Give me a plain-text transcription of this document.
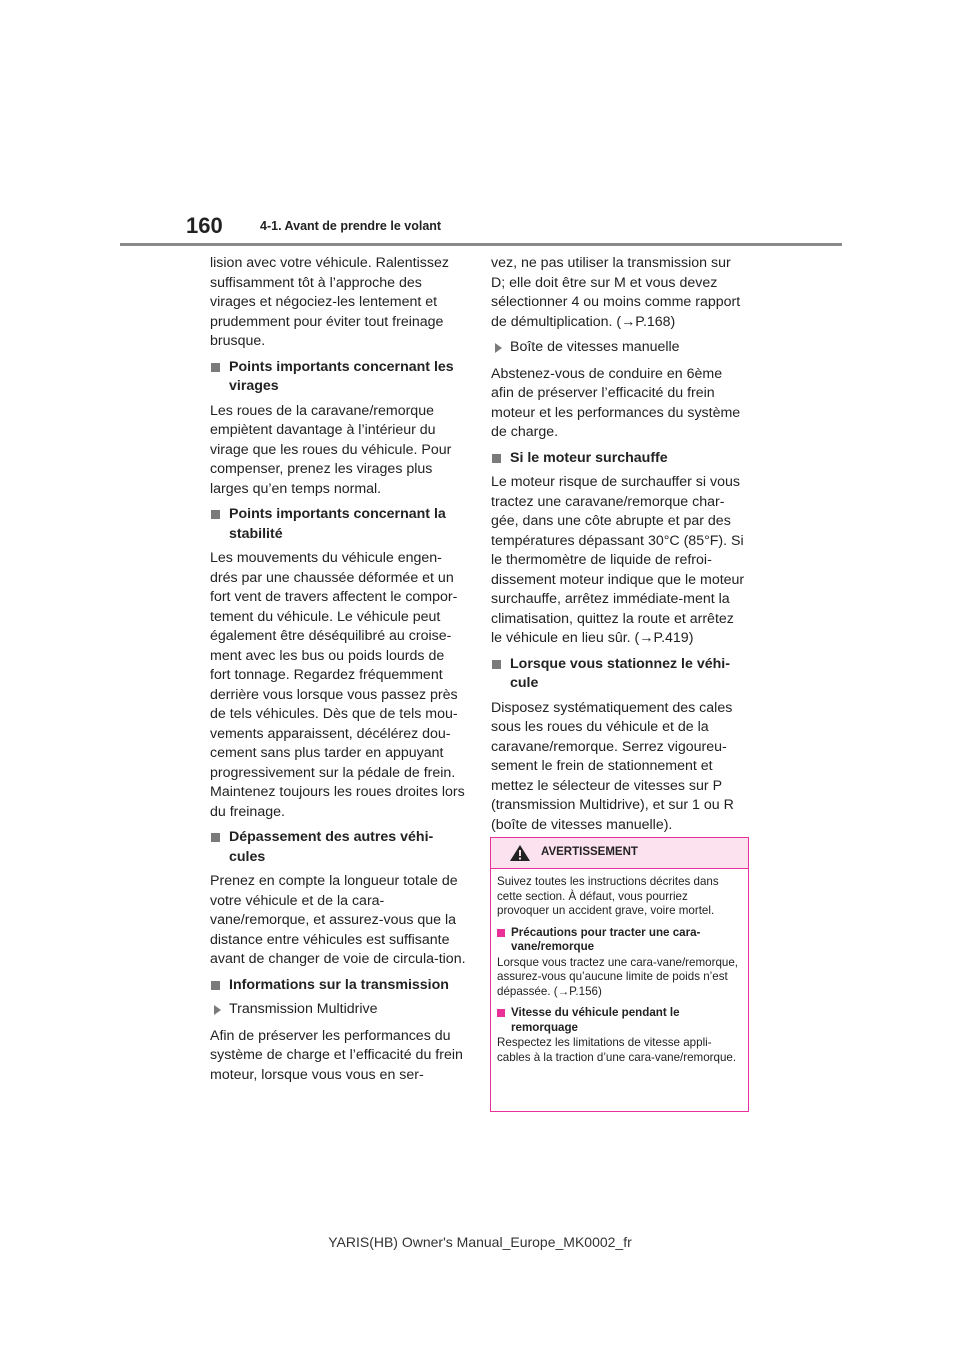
160	4-1. Avant de prendre le volant

lision avec votre véhicule. Ralentissez suffisamment tôt à l’approche des virages et négociez-les lentement et prudemment pour éviter tout freinage brusque.

Points importants concernant les virages

Les roues de la caravane/remorque empiètent davantage à l’intérieur du virage que les roues du véhicule. Pour compenser, prenez les virages plus larges qu’en temps normal.

Points importants concernant la stabilité

Les mouvements du véhicule engen-drés par une chaussée déformée et un fort vent de travers affectent le compor-tement du véhicule. Le véhicule peut également être déséquilibré au croise-ment avec les bus ou poids lourds de fort tonnage. Regardez fréquemment derrière vous lorsque vous passez près de tels véhicules. Dès que de tels mou-vements apparaissent, décélérez dou-cement sans plus tarder en appuyant progressivement sur la pédale de frein. Maintenez toujours les roues droites lors du freinage.

Dépassement des autres véhi-cules

Prenez en compte la longueur totale de votre véhicule et de la cara-vane/remorque, et assurez-vous que la distance entre véhicules est suffisante avant de changer de voie de circula-tion.

Informations sur la transmission
Transmission Multidrive

Afin de préserver les performances du système de charge et l’efficacité du frein moteur, lorsque vous vous en ser-

vez, ne pas utiliser la transmission sur D; elle doit être sur M et vous devez sélectionner 4 ou moins comme rapport de démultiplication. (→P.168)

Boîte de vitesses manuelle

Abstenez-vous de conduire en 6ème afin de préserver l’efficacité du frein moteur et les performances du système de charge.

Si le moteur surchauffe

Le moteur risque de surchauffer si vous tractez une caravane/remorque char-gée, dans une côte abrupte et par des températures dépassant 30°C (85°F). Si le thermomètre de liquide de refroi-dissement moteur indique que le moteur surchauffe, arrêtez immédiate-ment la climatisation, quittez la route et arrêtez le véhicule en lieu sûr. (→P.419)

Lorsque vous stationnez le véhi-cule

Disposez systématiquement des cales sous les roues du véhicule et de la caravane/remorque. Serrez vigoureu-sement le frein de stationnement et mettez le sélecteur de vitesses sur P (transmission Multidrive), et sur 1 ou R (boîte de vitesses manuelle).

AVERTISSEMENT

Suivez toutes les instructions décrites dans cette section. À défaut, vous pourriez provoquer un accident grave, voire mortel.

Précautions pour tracter une cara-vane/remorque

Lorsque vous tractez une cara-vane/remorque, assurez-vous qu’aucune limite de poids n’est dépassée. (→P.156)

Vitesse du véhicule pendant le remorquage

Respectez les limitations de vitesse appli-cables à la traction d’une cara-vane/remorque.

YARIS(HB) Owner's Manual_Europe_MK0002_fr
